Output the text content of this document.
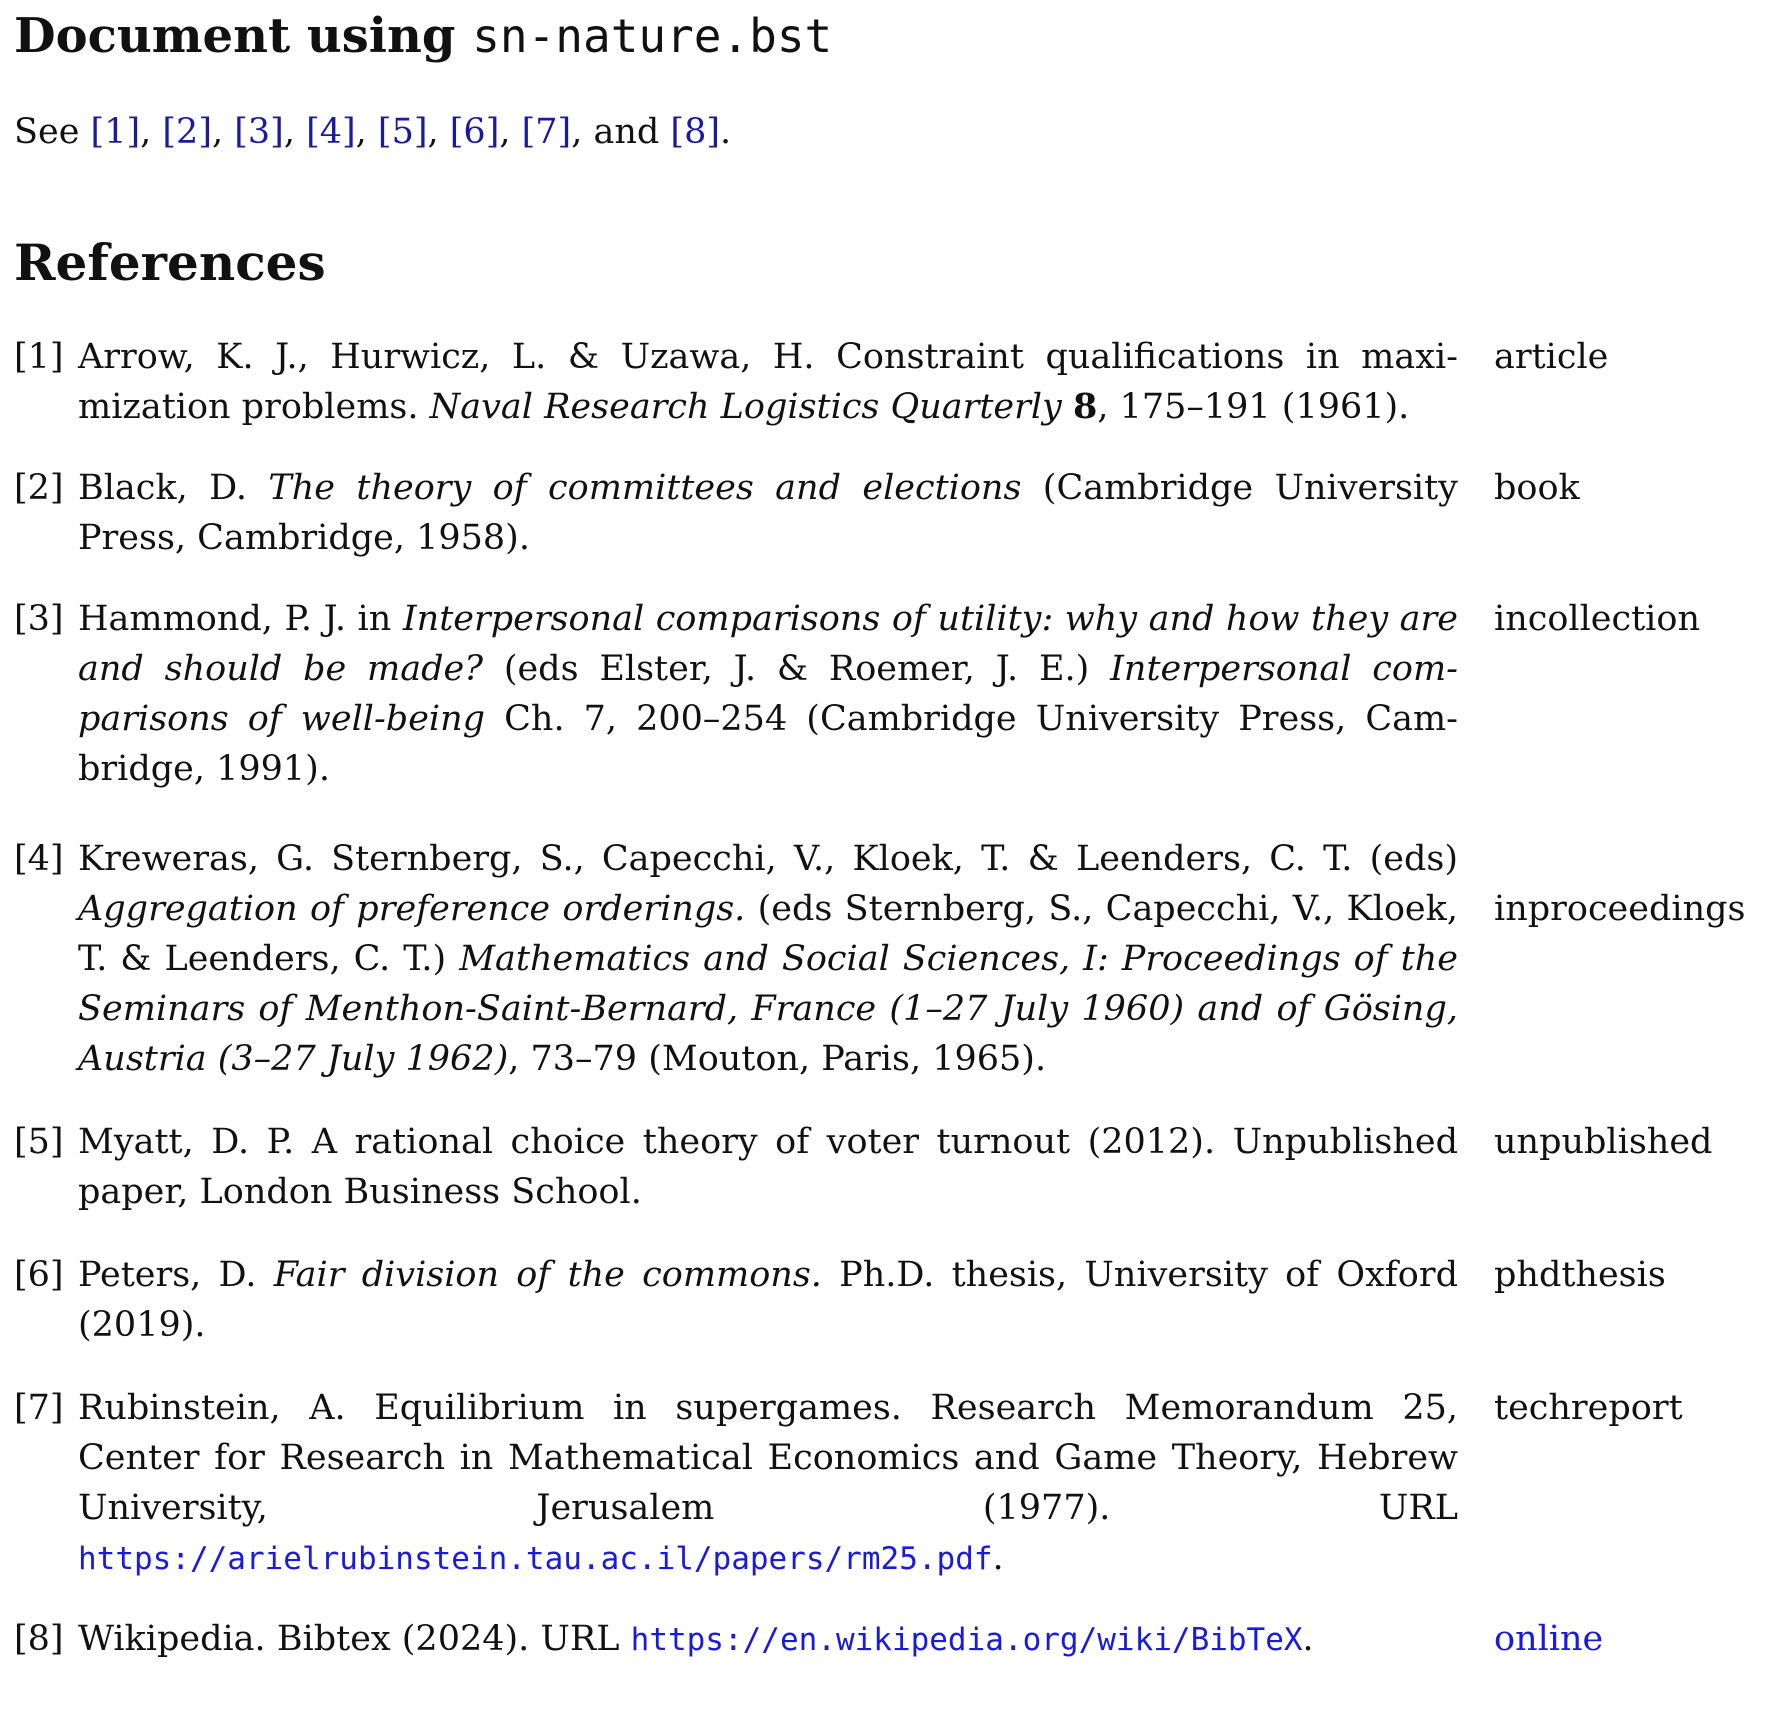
Document using sn-nature.bst
See [1], [2], [3], [4], [5], [6], [7], and [8].
References
[1] Arrow, K. J., Hurwicz, L. & Uzawa, H. Constraint qualifications in maximization problems. Naval Research Logistics Quarterly 8, 175–191 (1961).
article
[2] Black, D. The theory of committees and elections (Cambridge University Press, Cambridge, 1958).
book
[3] Hammond, P. J. in Interpersonal comparisons of utility: why and how they are and should be made? (eds Elster, J. & Roemer, J. E.) Interpersonal comparisons of well-being Ch. 7, 200–254 (Cambridge University Press, Cambridge, 1991).
incollection
[4] Kreweras, G. Sternberg, S., Capecchi, V., Kloek, T. & Leenders, C. T. (eds) Aggregation of preference orderings. (eds Sternberg, S., Capecchi, V., Kloek, T. & Leenders, C. T.) Mathematics and Social Sciences, I: Proceedings of the Seminars of Menthon-Saint-Bernard, France (1–27 July 1960) and of Gösing, Austria (3–27 July 1962), 73–79 (Mouton, Paris, 1965).
inproceedings
[5] Myatt, D. P. A rational choice theory of voter turnout (2012). Unpublished paper, London Business School.
unpublished
[6] Peters, D. Fair division of the commons. Ph.D. thesis, University of Oxford (2019).
phdthesis
[7] Rubinstein, A. Equilibrium in supergames. Research Memorandum 25, Center for Research in Mathematical Economics and Game Theory, Hebrew University, Jerusalem (1977).	URL https://arielrubinstein.tau.ac.il/papers/rm25.pdf.
techreport
[8] Wikipedia. Bibtex (2024). URL https://en.wikipedia.org/wiki/BibTeX.	online
